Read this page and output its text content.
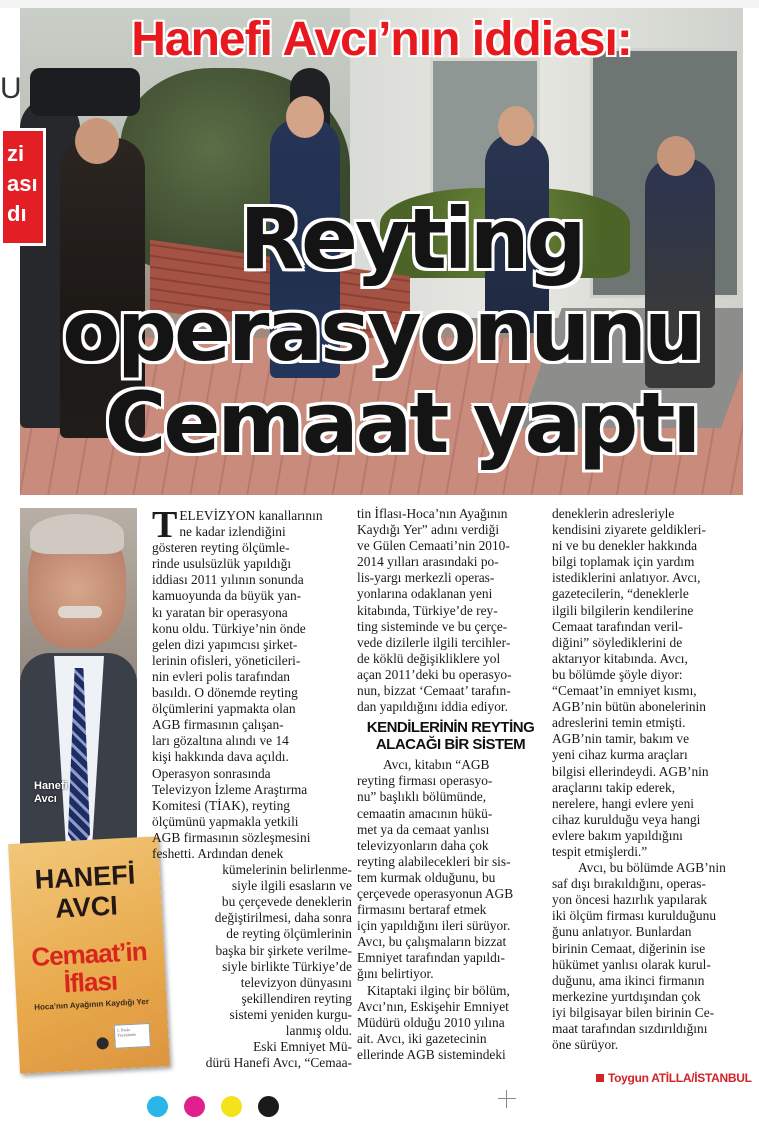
Hanefi Avcı’nın iddiası:
Reyting
operasyonunu
Cemaat yaptı
U
zi
ası
dı
Hanefi
Avcı
HANEFİ
AVCI
Cemaat’in
İflası
Hoca’nın Ayağının Kaydığı Yer
1. Baskı Yayımlandı
T ELEVİZYON kanallarının
ne kadar izlendiğini
gösteren reyting ölçümle-
rinde usulsüzlük yapıldığı
iddiası 2011 yılının sonunda
kamuoyunda da büyük yan-
kı yaratan bir operasyona
konu oldu. Türkiye’nin önde
gelen dizi yapımcısı şirket-
lerinin ofisleri, yöneticileri-
nin evleri polis tarafından
basıldı. O dönemde reyting
ölçümlerini yapmakta olan
AGB firmasının çalışan-
ları gözaltına alındı ve 14
kişi hakkında dava açıldı.
Operasyon sonrasında
Televizyon İzleme Araştırma
Komitesi (TİAK), reyting
ölçümünü yapmakla yetkili
AGB firmasının sözleşmesini
feshetti. Ardından denek
kümelerinin belirlenme-
siyle ilgili esasların ve
bu çerçevede deneklerin
değiştirilmesi, daha sonra
de reyting ölçümlerinin
başka bir şirkete verilme-
siyle birlikte Türkiye’de
televizyon dünyasını
şekillendiren reyting
sistemi yeniden kurgu-
lanmış oldu.
Eski Emniyet Mü-
dürü Hanefi Avcı, “Cemaa-
tin İflası-Hoca’nın Ayağının
Kaydığı Yer” adını verdiği
ve Gülen Cemaati’nin 2010-
2014 yılları arasındaki po-
lis-yargı merkezli operas-
yonlarına odaklanan yeni
kitabında, Türkiye’de rey-
ting sisteminde ve bu çerçe-
vede dizilerle ilgili tercihler-
de köklü değişikliklere yol
açan 2011’deki bu operasyo-
nun, bizzat ‘Cemaat’ tarafın-
dan yapıldığını iddia ediyor.
KENDİLERİNİN REYTİNG
ALACAĞI BİR SİSTEM
Avcı, kitabın “AGB
reyting firması operasyo-
nu” başlıklı bölümünde,
cemaatin amacının hükü-
met ya da cemaat yanlısı
televizyonların daha çok
reyting alabilecekleri bir sis-
tem kurmak olduğunu, bu
çerçevede operasyonun AGB
firmasını bertaraf etmek
için yapıldığını ileri sürüyor.
Avcı, bu çalışmaların bizzat
Emniyet tarafından yapıldı-
ğını belirtiyor.
Kitaptaki ilginç bir bölüm,
Avcı’nın, Eskişehir Emniyet
Müdürü olduğu 2010 yılına
ait. Avcı, iki gazetecinin
ellerinde AGB sistemindeki
deneklerin adresleriyle
kendisini ziyarete geldikleri-
ni ve bu denekler hakkında
bilgi toplamak için yardım
istediklerini anlatıyor. Avcı,
gazetecilerin, “deneklerle
ilgili bilgilerin kendilerine
Cemaat tarafından veril-
diğini” söylediklerini de
aktarıyor kitabında. Avcı,
bu bölümde şöyle diyor:
“Cemaat’in emniyet kısmı,
AGB’nin bütün abonelerinin
adreslerini temin etmişti.
AGB’nin tamir, bakım ve
yeni cihaz kurma araçları
bilgisi ellerindeydi. AGB’nin
araçlarını takip ederek,
nerelere, hangi evlere yeni
cihaz kurulduğu veya hangi
evlere bakım yapıldığını
tespit etmişlerdi.”
Avcı, bu bölümde AGB’nin
saf dışı bırakıldığını, operas-
yon öncesi hazırlık yapılarak
iki ölçüm firması kurulduğunu
ğunu anlatıyor. Bunlardan
birinin Cemaat, diğerinin ise
hükümet yanlısı olarak kurul-
duğunu, ama ikinci firmanın
merkezine yurtdışından çok
iyi bilgisayar bilen birinin Ce-
maat tarafından sızdırıldığını
öne sürüyor.
Toygun ATİLLA/İSTANBUL
